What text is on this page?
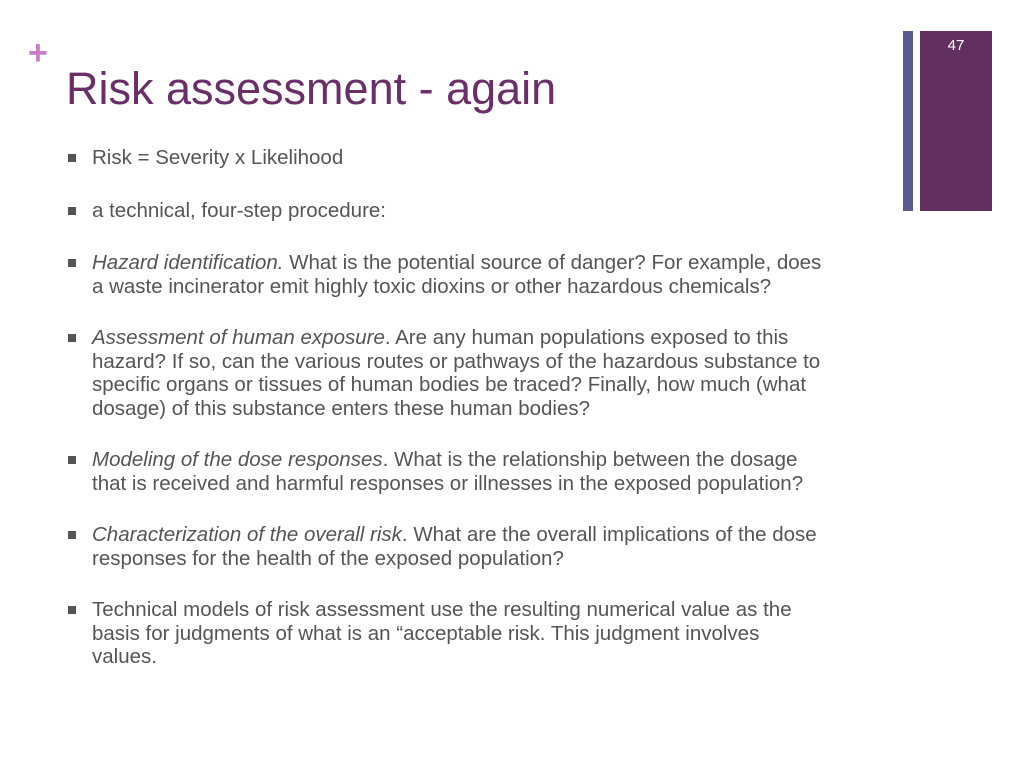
+
Risk assessment - again
47
Risk = Severity x Likelihood
a technical, four-step procedure:
Hazard identification. What is the potential source of danger? For example, does
a waste incinerator emit highly toxic dioxins or other hazardous chemicals?
Assessment of human exposure. Are any human populations exposed to this
hazard? If so, can the various routes or pathways of the hazardous substance to
specific organs or tissues of human bodies be traced? Finally, how much (what
dosage) of this substance enters these human bodies?
Modeling of the dose responses. What is the relationship between the dosage
that is received and harmful responses or illnesses in the exposed population?
Characterization of the overall risk. What are the overall implications of the dose
responses for the health of the exposed population?
Technical models of risk assessment use the resulting numerical value as the
basis for judgments of what is an “acceptable risk. This judgment involves
values.
